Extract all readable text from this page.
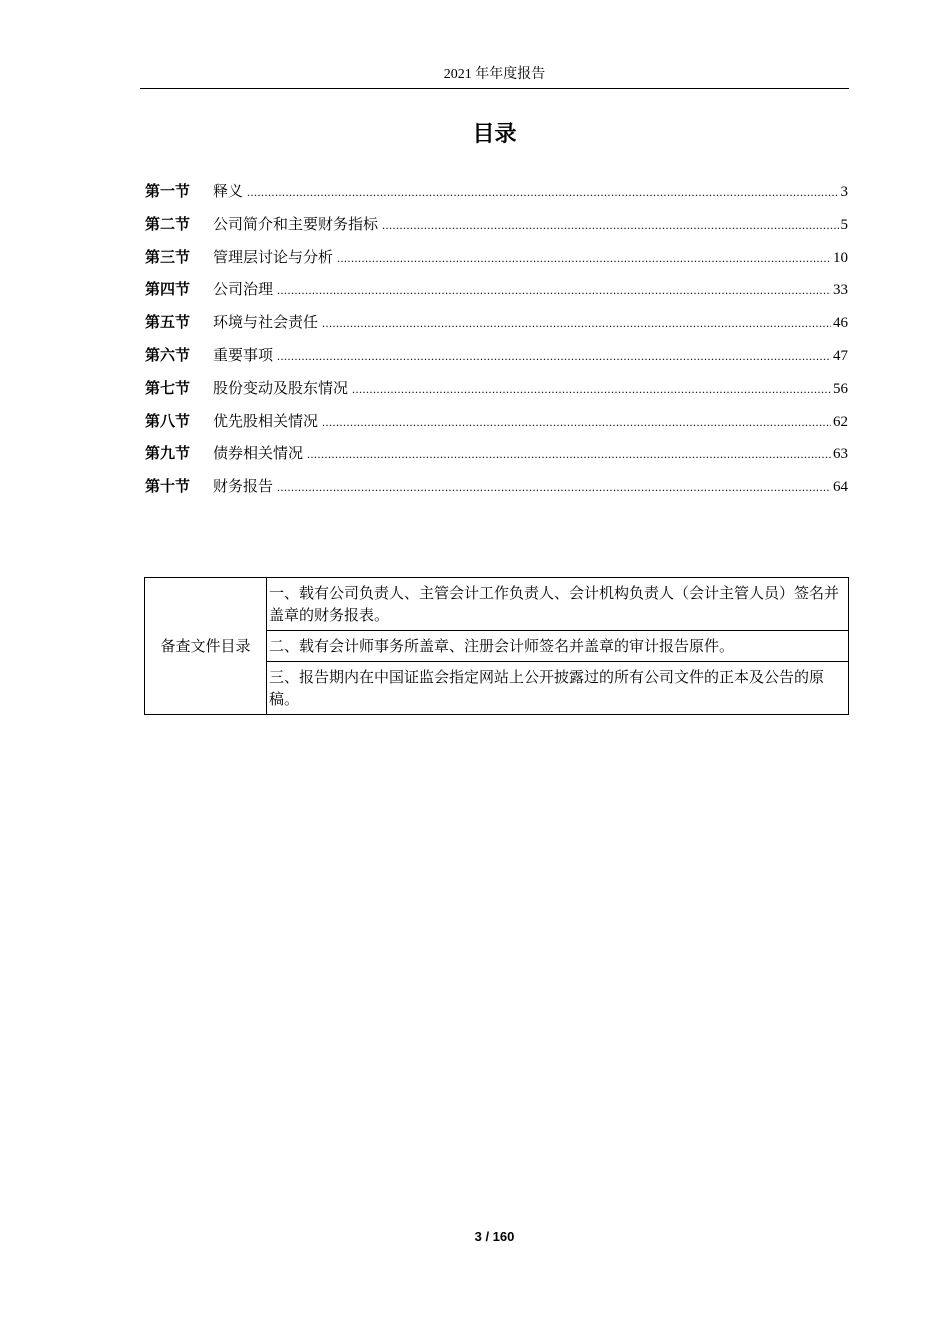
2021 年年度报告
目录
第一节	释义 .....	3
第二节	公司简介和主要财务指标 .....	5
第三节	管理层讨论与分析 .....	10
第四节	公司治理 .....	33
第五节	环境与社会责任 .....	46
第六节	重要事项 .....	47
第七节	股份变动及股东情况 .....	56
第八节	优先股相关情况 .....	62
第九节	债券相关情况 .....	63
第十节	财务报告 .....	64
备查文件目录	一、载有公司负责人、主管会计工作负责人、会计机构负责人（会计主管人员）签名并盖章的财务报表。
二、载有会计师事务所盖章、注册会计师签名并盖章的审计报告原件。
三、报告期内在中国证监会指定网站上公开披露过的所有公司文件的正本及公告的原稿。
3 / 160
